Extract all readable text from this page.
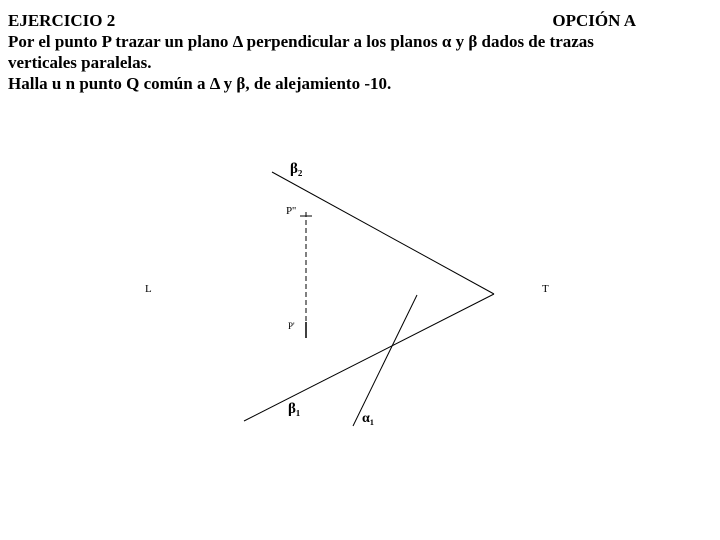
EJERCICIO 2	OPCIÓN A
Por el punto P trazar un plano Δ perpendicular a los planos α y β dados de trazas
verticales paralelas.
Halla u n punto Q común a Δ y β, de alejamiento -10.
β₂
P''
P'
L	T
β₁
α₁
